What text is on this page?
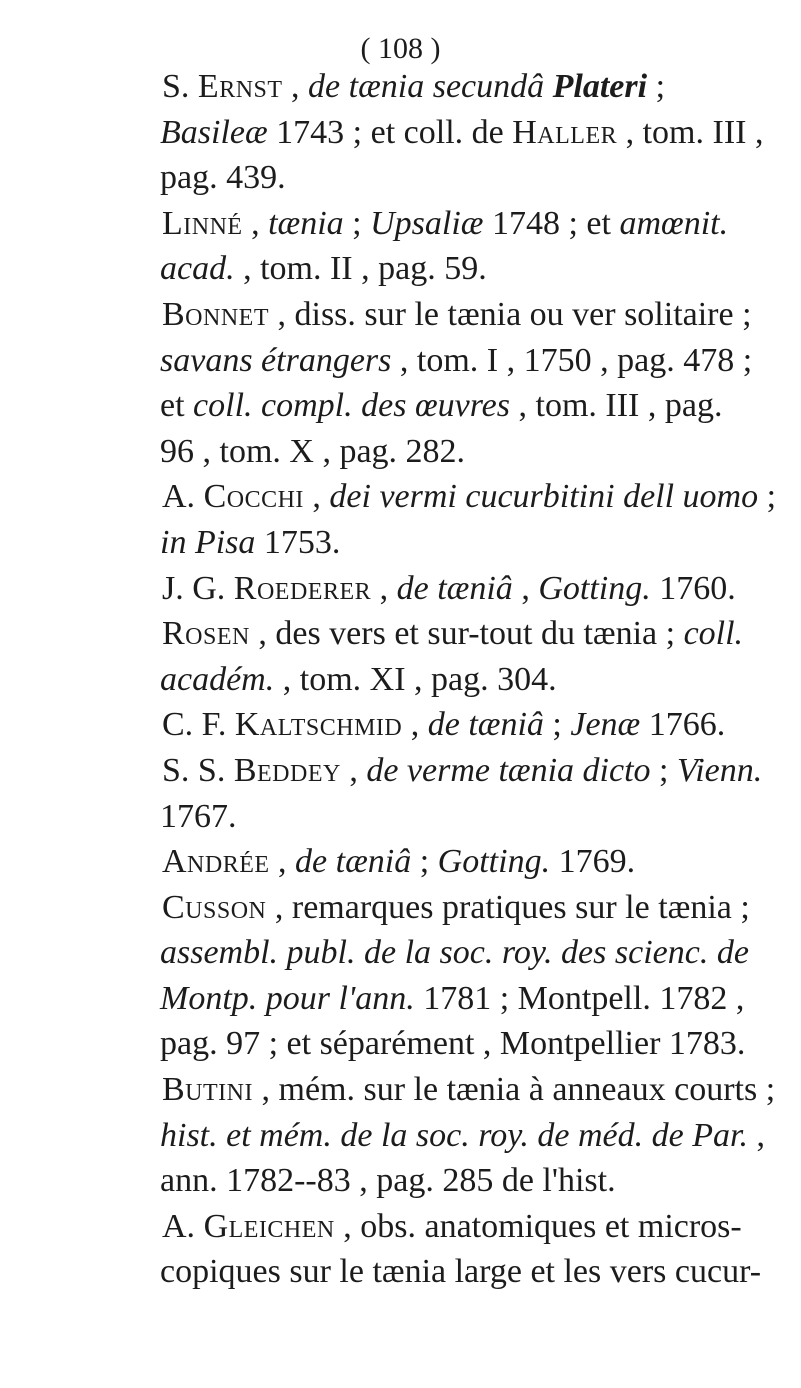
( 108 )
S. Ernst , de tænia secundâ Plateri ;
Basileæ 1743 ; et coll. de Haller , tom. III ,
pag. 439.
Linné , tænia ; Upsaliæ 1748 ; et amœnit.
acad. , tom. II , pag. 59.
Bonnet , diss. sur le tænia ou ver solitaire ;
savans étrangers , tom. I , 1750 , pag. 478 ;
et coll. compl. des œuvres , tom. III , pag.
96 , tom. X , pag. 282.
A. Cocchi , dei vermi cucurbitini dell uomo ;
in Pisa 1753.
J. G. Roederer , de tæniâ , Gotting. 1760.
Rosen , des vers et sur-tout du tænia ; coll.
académ. , tom. XI , pag. 304.
C. F. Kaltschmid , de tæniâ ; Jenæ 1766.
S. S. Beddey , de verme tænia dicto ; Vienn.
1767.
Andrée , de tæniâ ; Gotting. 1769.
Cusson , remarques pratiques sur le tænia ;
assembl. publ. de la soc. roy. des scienc. de
Montp. pour l'ann. 1781 ; Montpell. 1782 ,
pag. 97 ; et séparément , Montpellier 1783.
Butini , mém. sur le tænia à anneaux courts ;
hist. et mém. de la soc. roy. de méd. de Par. ,
ann. 1782--83 , pag. 285 de l'hist.
A. Gleichen , obs. anatomiques et micros-
copiques sur le tænia large et les vers cucur-
